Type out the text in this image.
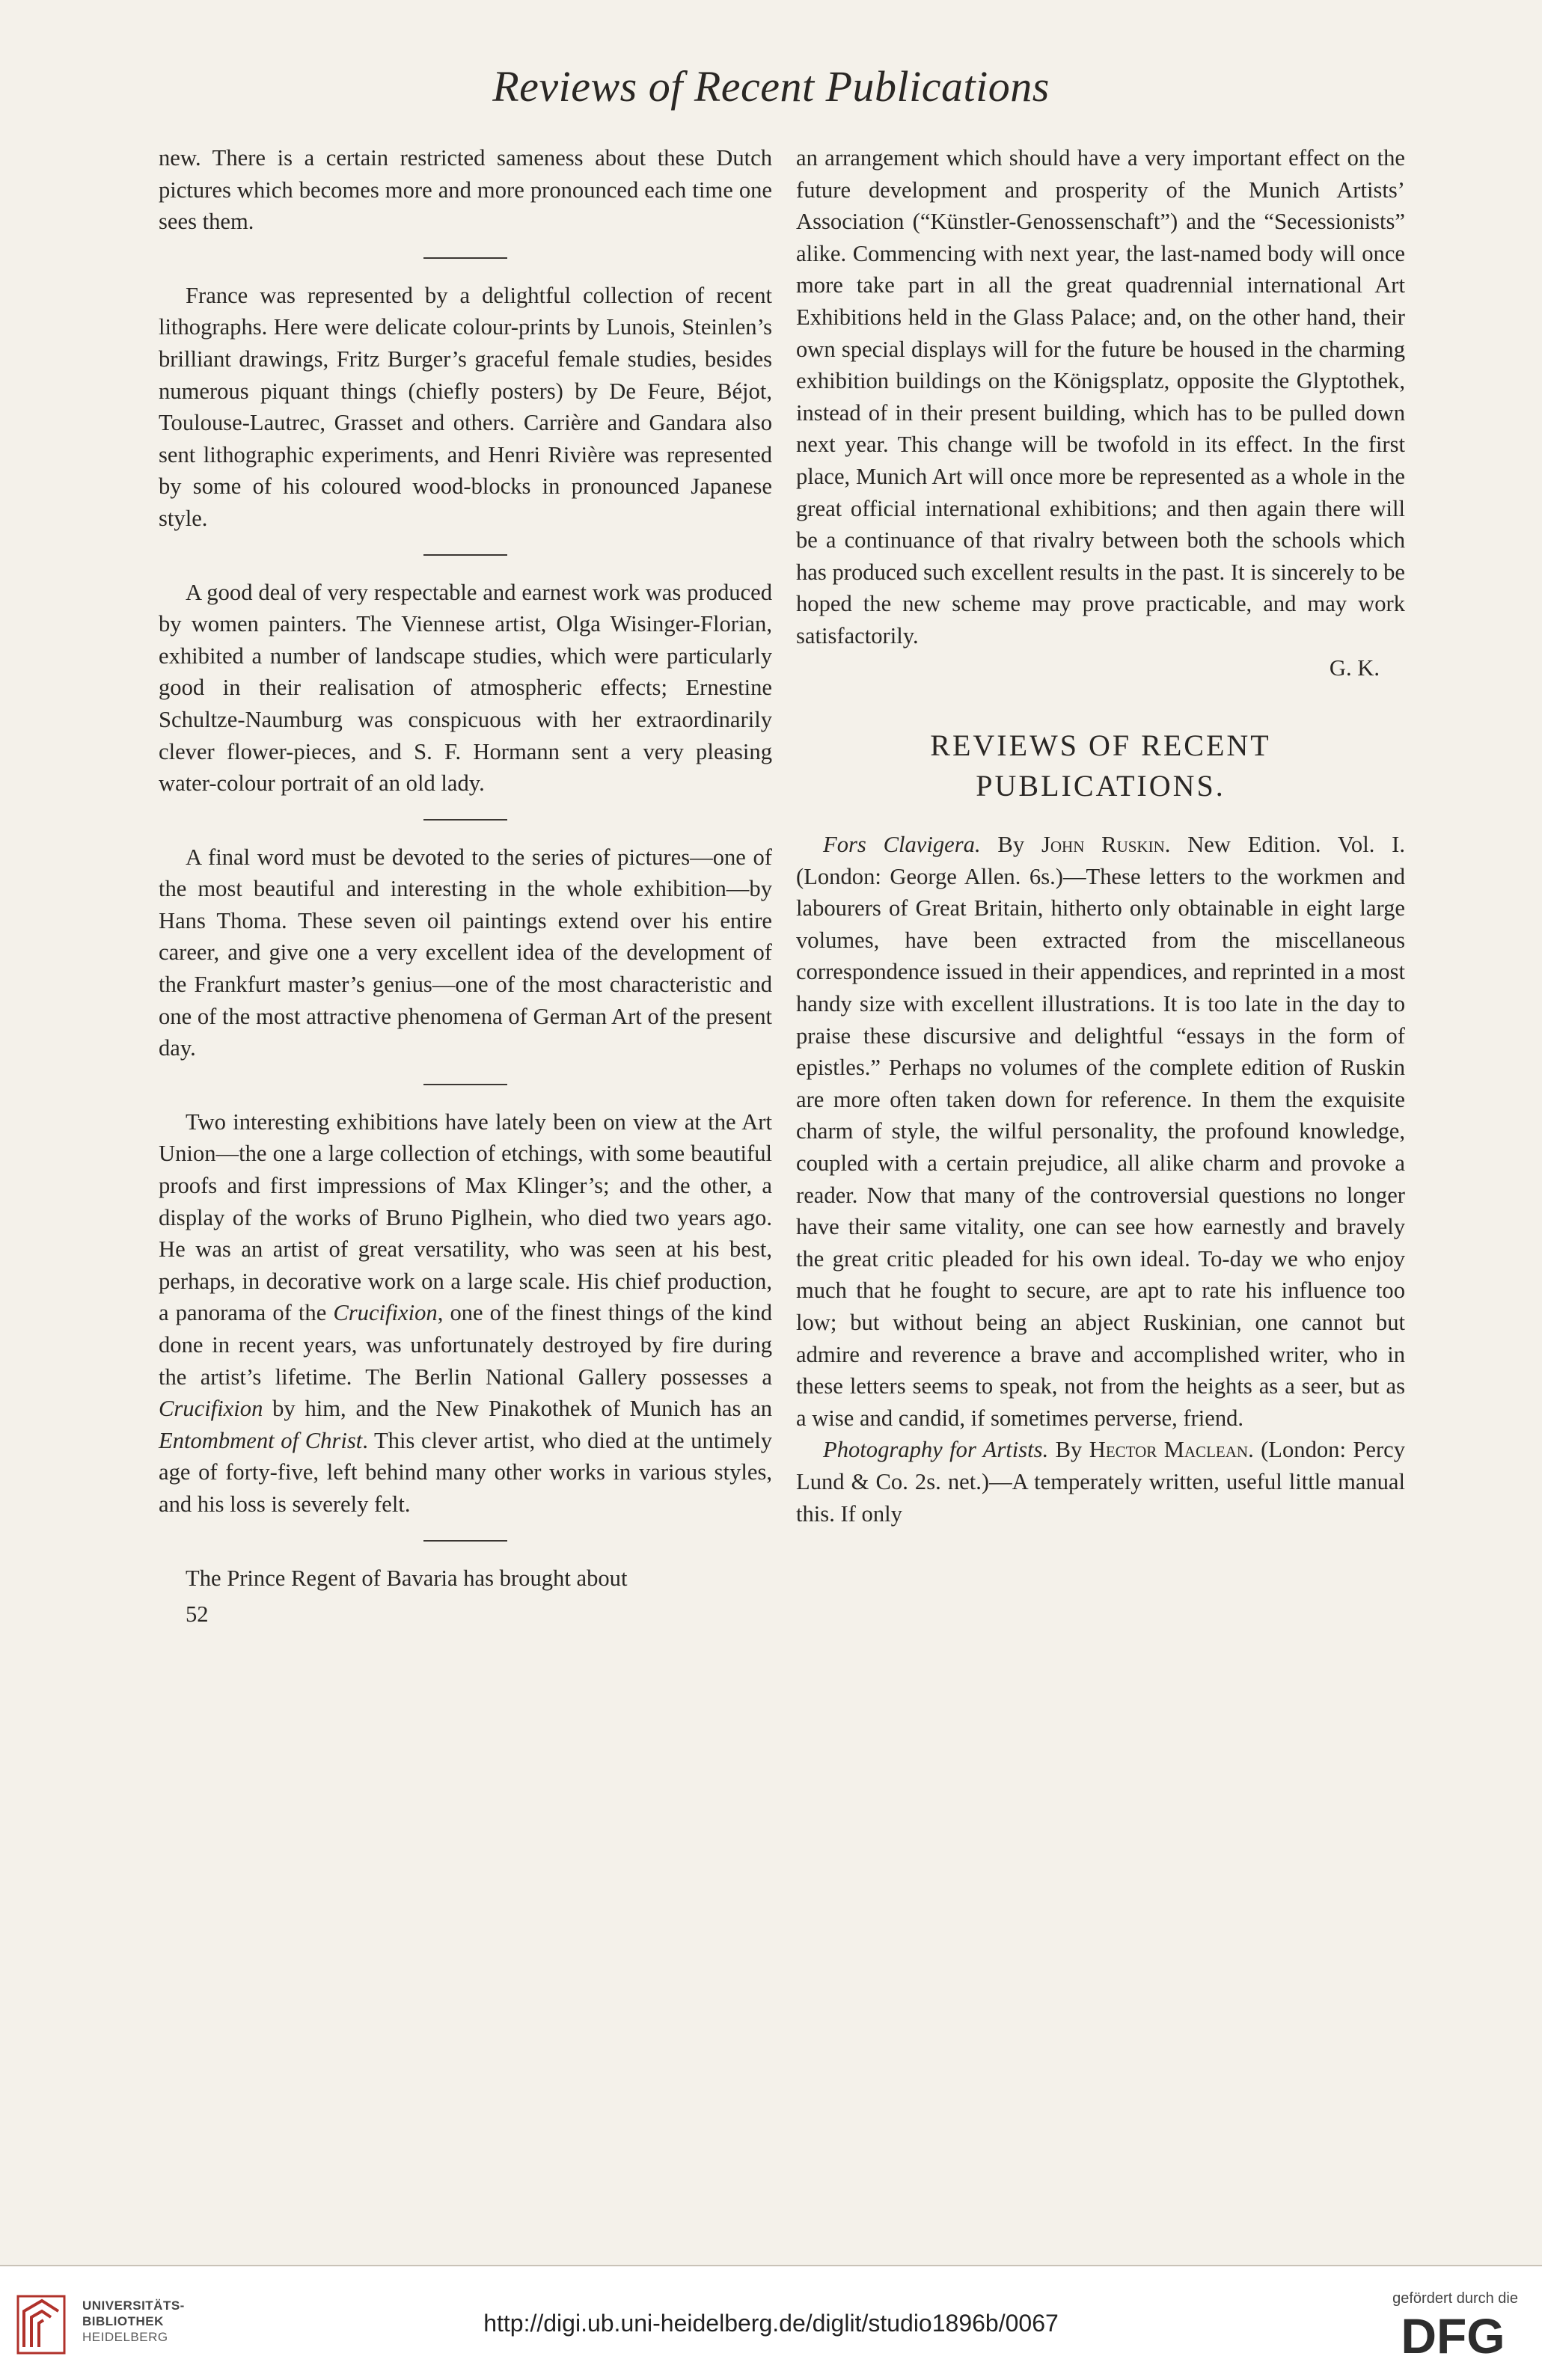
Reviews of Recent Publications

new. There is a certain restricted sameness about these Dutch pictures which becomes more and more pronounced each time one sees them.

France was represented by a delightful collection of recent lithographs. Here were delicate colour-prints by Lunois, Steinlen’s brilliant drawings, Fritz Burger’s graceful female studies, besides numerous piquant things (chiefly posters) by De Feure, Béjot, Toulouse-Lautrec, Grasset and others. Carrière and Gandara also sent lithographic experiments, and Henri Rivière was represented by some of his coloured wood-blocks in pronounced Japanese style.

A good deal of very respectable and earnest work was produced by women painters. The Viennese artist, Olga Wisinger-Florian, exhibited a number of landscape studies, which were particularly good in their realisation of atmospheric effects; Ernestine Schultze-Naumburg was conspicuous with her extraordinarily clever flower-pieces, and S. F. Hormann sent a very pleasing water-colour portrait of an old lady.

A final word must be devoted to the series of pictures—one of the most beautiful and interesting in the whole exhibition—by Hans Thoma. These seven oil paintings extend over his entire career, and give one a very excellent idea of the development of the Frankfurt master’s genius—one of the most characteristic and one of the most attractive phenomena of German Art of the present day.

Two interesting exhibitions have lately been on view at the Art Union—the one a large collection of etchings, with some beautiful proofs and first impressions of Max Klinger’s; and the other, a display of the works of Bruno Piglhein, who died two years ago. He was an artist of great versatility, who was seen at his best, perhaps, in decorative work on a large scale. His chief production, a panorama of the Crucifixion, one of the finest things of the kind done in recent years, was unfortunately destroyed by fire during the artist’s lifetime. The Berlin National Gallery possesses a Crucifixion by him, and the New Pinakothek of Munich has an Entombment of Christ. This clever artist, who died at the untimely age of forty-five, left behind many other works in various styles, and his loss is severely felt.

The Prince Regent of Bavaria has brought about

52

an arrangement which should have a very important effect on the future development and prosperity of the Munich Artists’ Association (“Künstler-Genossenschaft”) and the “Secessionists” alike. Commencing with next year, the last-named body will once more take part in all the great quadrennial international Art Exhibitions held in the Glass Palace; and, on the other hand, their own special displays will for the future be housed in the charming exhibition buildings on the Königsplatz, opposite the Glyptothek, instead of in their present building, which has to be pulled down next year. This change will be twofold in its effect. In the first place, Munich Art will once more be represented as a whole in the great official international exhibitions; and then again there will be a continuance of that rivalry between both the schools which has produced such excellent results in the past. It is sincerely to be hoped the new scheme may prove practicable, and may work satisfactorily.

G. K.

REVIEWS OF RECENT
PUBLICATIONS.

Fors Clavigera. By John Ruskin. New Edition. Vol. I. (London: George Allen. 6s.)—These letters to the workmen and labourers of Great Britain, hitherto only obtainable in eight large volumes, have been extracted from the miscellaneous correspondence issued in their appendices, and reprinted in a most handy size with excellent illustrations. It is too late in the day to praise these discursive and delightful “essays in the form of epistles.” Perhaps no volumes of the complete edition of Ruskin are more often taken down for reference. In them the exquisite charm of style, the wilful personality, the profound knowledge, coupled with a certain prejudice, all alike charm and provoke a reader. Now that many of the controversial questions no longer have their same vitality, one can see how earnestly and bravely the great critic pleaded for his own ideal. To-day we who enjoy much that he fought to secure, are apt to rate his influence too low; but without being an abject Ruskinian, one cannot but admire and reverence a brave and accomplished writer, who in these letters seems to speak, not from the heights as a seer, but as a wise and candid, if sometimes perverse, friend.

Photography for Artists. By Hector Maclean. (London: Percy Lund & Co. 2s. net.)—A temperately written, useful little manual this. If only

UNIVERSITÄTS-
BIBLIOTHEK
HEIDELBERG
http://digi.ub.uni-heidelberg.de/diglit/studio1896b/0067
gefördert durch die
DFG
